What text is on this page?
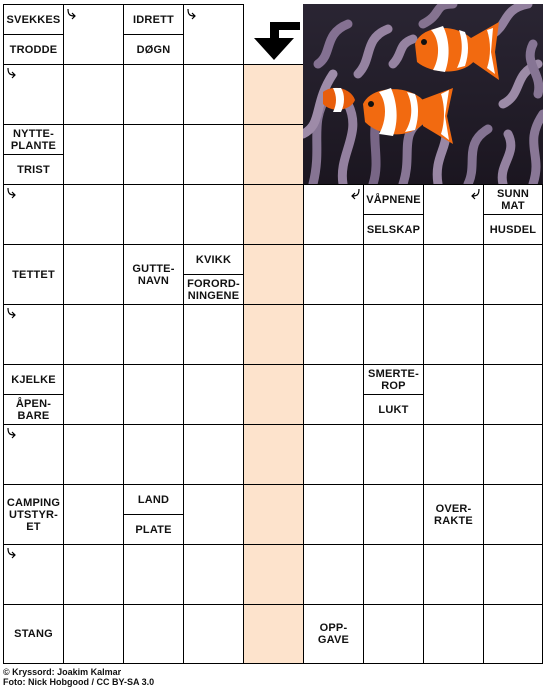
SVEKKES
TRODDE
IDRETT
DØGN
NYTTE-
PLANTE
TRIST
VÅPNENE
SELSKAP
SUNN
MAT
HUSDEL
TETTET	GUTTE-
NAVN
KVIKK
FORORD-
NINGENE
KJELKE
ÅPEN-
BARE
SMERTE-
ROP
LUKT
CAMPING
UTSTYR-
ET
LAND
PLATE
OVER-
RAKTE
STANG	OPP-
GAVE
© Kryssord: Joakim Kalmar
Foto: Nick Hobgood / CC BY-SA 3.0
